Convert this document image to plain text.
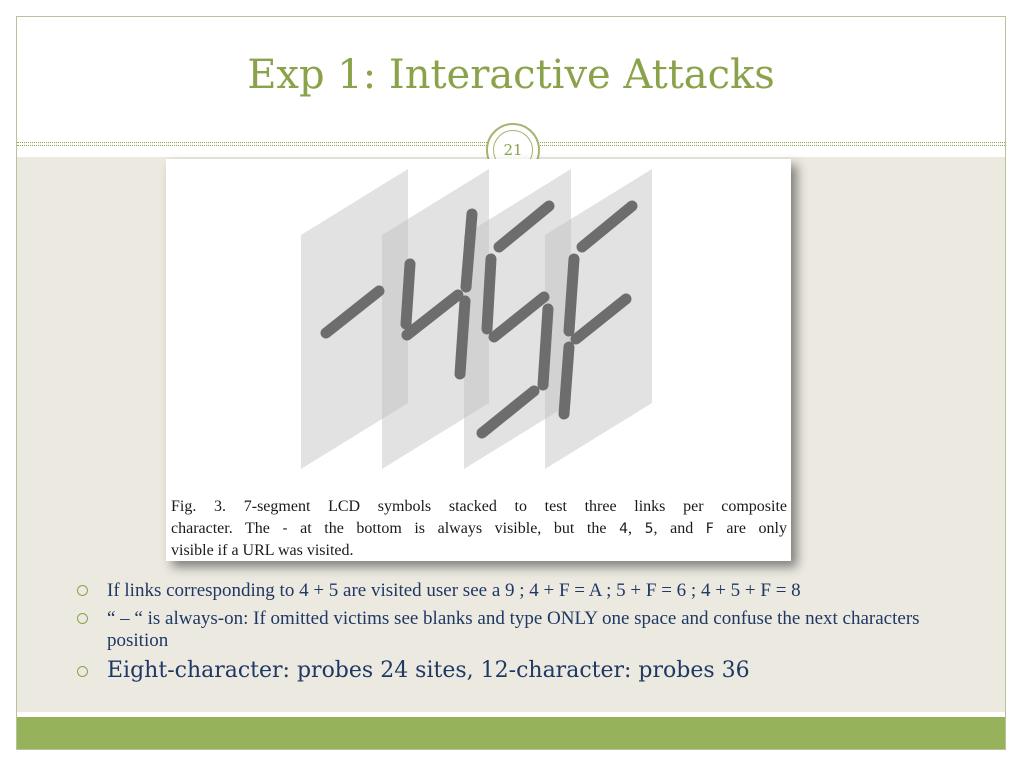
Exp 1: Interactive Attacks
21
Fig. 3. 7-segment LCD symbols stacked to test three links per composite
character. The - at the bottom is always visible, but the 4, 5, and F are only
visible if a URL was visited.
If links corresponding to 4 + 5 are visited user see a 9 ; 4 + F = A ; 5 + F = 6 ; 4 + 5 + F = 8
“ – “ is always-on: If omitted victims see blanks and type ONLY one space and confuse the next characters position
Eight-character: probes 24 sites, 12-character: probes 36
